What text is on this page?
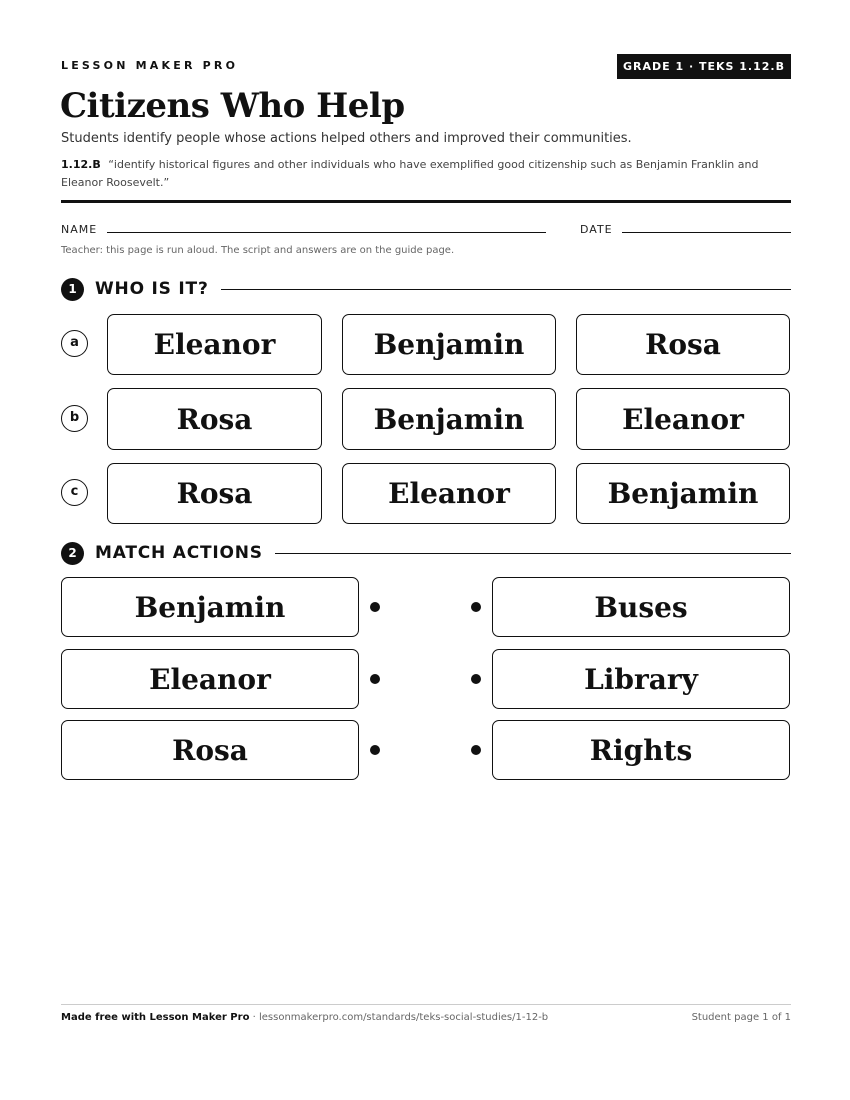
LESSON MAKER PRO	GRADE 1 · TEKS 1.12.B
Citizens Who Help
Students identify people whose actions helped others and improved their communities.
1.12.B “identify historical figures and other individuals who have exemplified good citizenship such as Benjamin Franklin and Eleanor Roosevelt.”
NAME	DATE
Teacher: this page is run aloud. The script and answers are on the guide page.
1	WHO IS IT?
a	Eleanor	Benjamin	Rosa
b	Rosa	Benjamin	Eleanor
c	Rosa	Eleanor	Benjamin
2	MATCH ACTIONS
Benjamin	Buses
Eleanor	Library
Rosa	Rights
Made free with Lesson Maker Pro · lessonmakerpro.com/standards/teks-social-studies/1-12-b	Student page 1 of 1
